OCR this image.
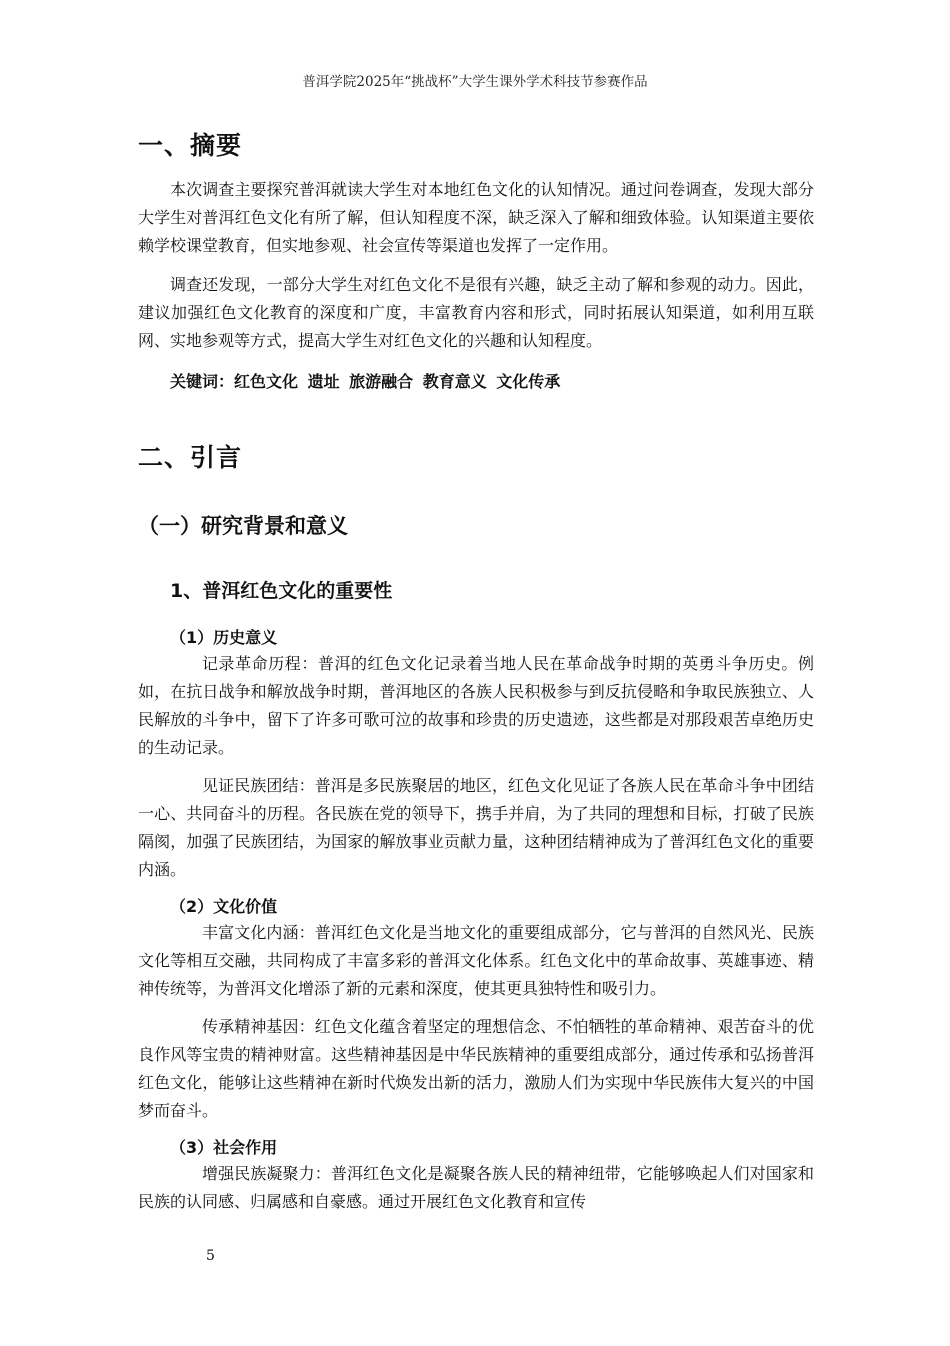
普洱学院2025年“挑战杯”大学生课外学术科技节参赛作品
一、摘要

本次调查主要探究普洱就读大学生对本地红色文化的认知情况。通过问卷调查，发现大部分大学生对普洱红色文化有所了解，但认知程度不深，缺乏深入了解和细致体验。认知渠道主要依赖学校课堂教育，但实地参观、社会宣传等渠道也发挥了一定作用。

调查还发现，一部分大学生对红色文化不是很有兴趣，缺乏主动了解和参观的动力。因此，建议加强红色文化教育的深度和广度，丰富教育内容和形式，同时拓展认知渠道，如利用互联网、实地参观等方式，提高大学生对红色文化的兴趣和认知程度。

关键词：红色文化 遗址 旅游融合 教育意义 文化传承

二、引言
（一）研究背景和意义
1、普洱红色文化的重要性
（1）历史意义

记录革命历程：普洱的红色文化记录着当地人民在革命战争时期的英勇斗争历史。例如，在抗日战争和解放战争时期，普洱地区的各族人民积极参与到反抗侵略和争取民族独立、人民解放的斗争中，留下了许多可歌可泣的故事和珍贵的历史遗迹，这些都是对那段艰苦卓绝历史的生动记录。

见证民族团结：普洱是多民族聚居的地区，红色文化见证了各族人民在革命斗争中团结一心、共同奋斗的历程。各民族在党的领导下，携手并肩，为了共同的理想和目标，打破了民族隔阂，加强了民族团结，为国家的解放事业贡献力量，这种团结精神成为了普洱红色文化的重要内涵。

（2）文化价值

丰富文化内涵：普洱红色文化是当地文化的重要组成部分，它与普洱的自然风光、民族文化等相互交融，共同构成了丰富多彩的普洱文化体系。红色文化中的革命故事、英雄事迹、精神传统等，为普洱文化增添了新的元素和深度，使其更具独特性和吸引力。

传承精神基因：红色文化蕴含着坚定的理想信念、不怕牺牲的革命精神、艰苦奋斗的优良作风等宝贵的精神财富。这些精神基因是中华民族精神的重要组成部分，通过传承和弘扬普洱红色文化，能够让这些精神在新时代焕发出新的活力，激励人们为实现中华民族伟大复兴的中国梦而奋斗。

（3）社会作用

增强民族凝聚力：普洱红色文化是凝聚各族人民的精神纽带，它能够唤起人们对国家和民族的认同感、归属感和自豪感。通过开展红色文化教育和宣传

5
